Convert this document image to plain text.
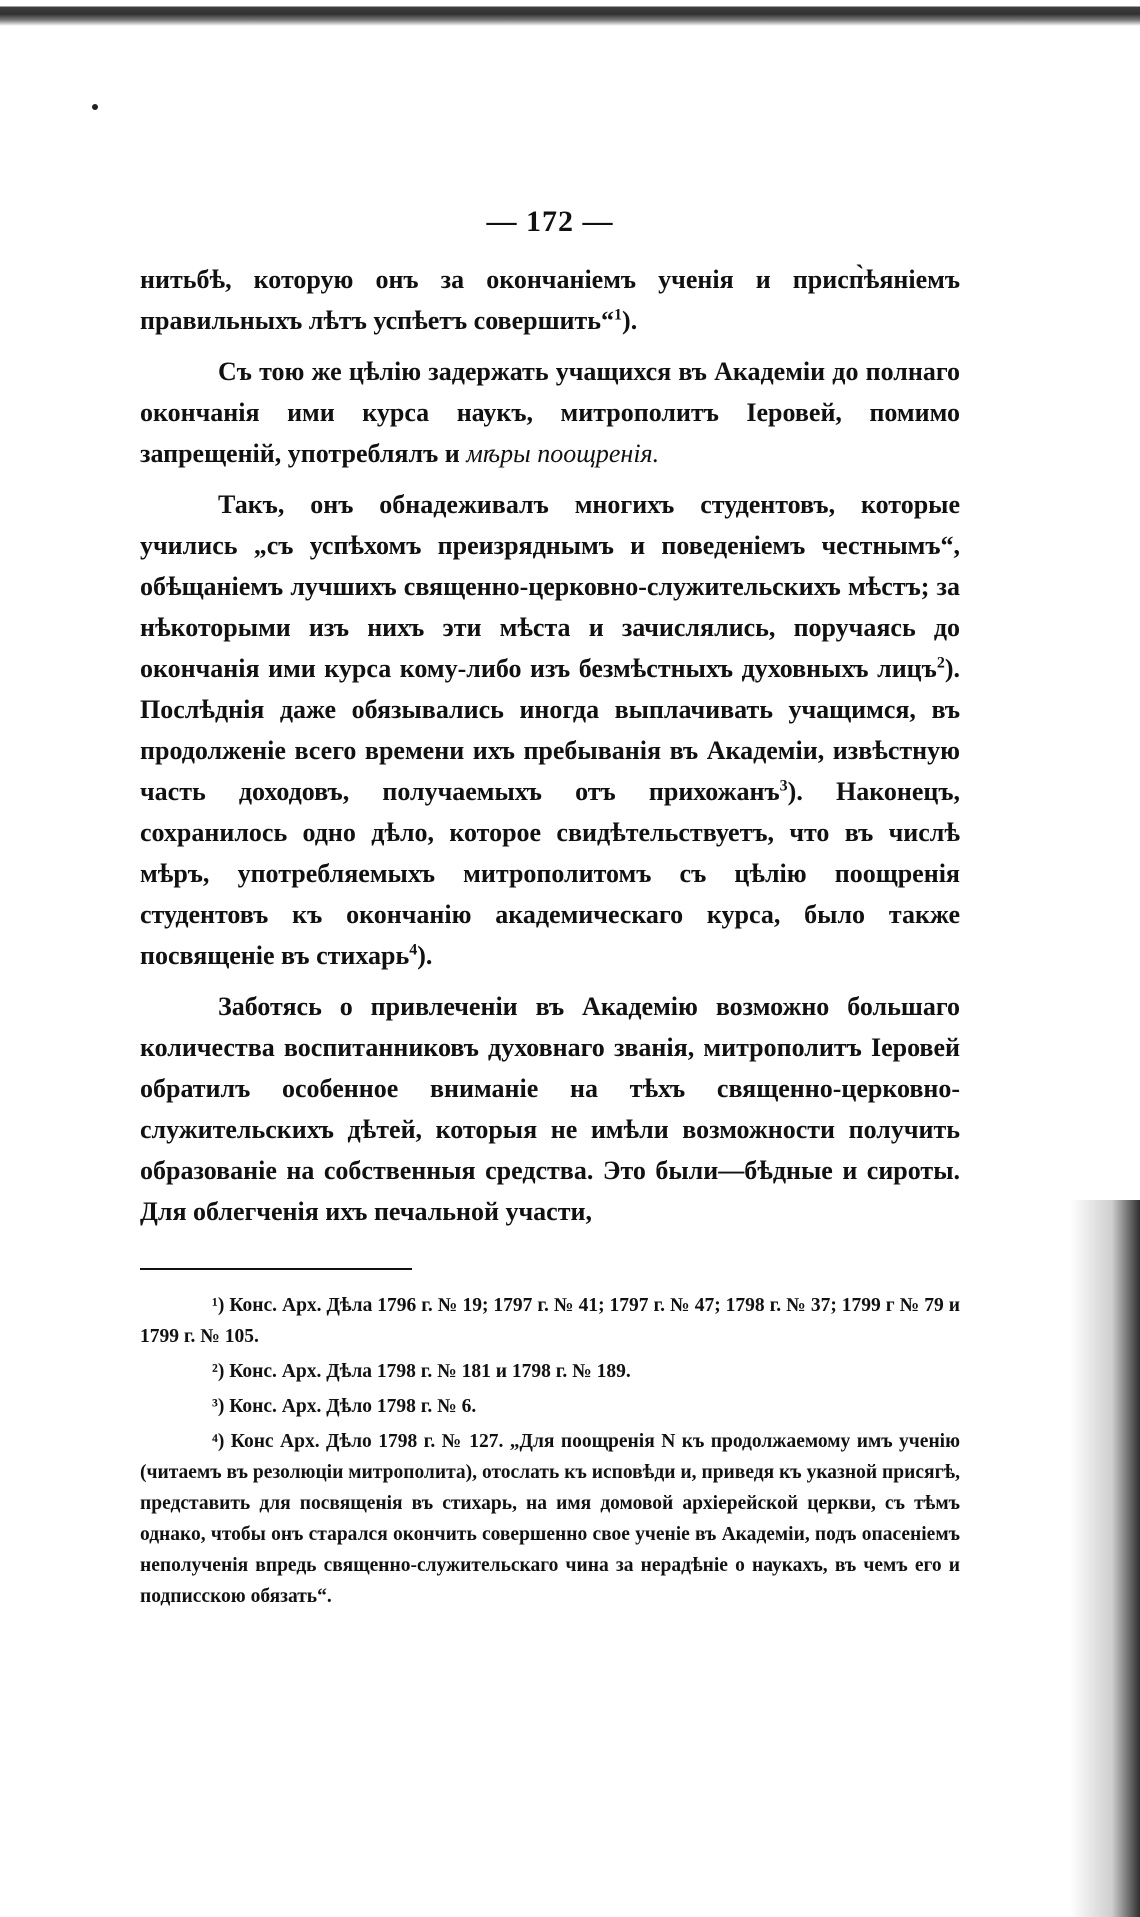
— 172 —

нитьбѣ, которую онъ за окончаніемъ ученія и присп̀ѣяніемъ правильныхъ лѣтъ успѣетъ совершить“$^1$).

Съ тою же цѣлію задержать учащихся въ Академіи до полнаго окончанія ими курса наукъ, митрополитъ Іеровей, помимо запрещеній, употреблялъ и мѣры поощренія.

Такъ, онъ обнадеживалъ многихъ студентовъ, которые учились „съ успѣхомъ преизряднымъ и поведеніемъ честнымъ“, обѣщаніемъ лучшихъ священно-церковно-служительскихъ мѣстъ; за нѣкоторыми изъ нихъ эти мѣста и зачислялись, поручаясь до окончанія ими курса кому-либо изъ безмѣстныхъ духовныхъ лицъ$^2$). Послѣднія даже обязывались иногда выплачивать учащимся, въ продолженіе всего времени ихъ пребыванія въ Академіи, извѣстную часть доходовъ, получаемыхъ отъ прихожанъ$^3$). Наконецъ, сохранилось одно дѣло, которое свидѣтельствуетъ, что въ числѣ мѣръ, употребляемыхъ митрополитомъ съ цѣлію поощренія студентовъ къ окончанію академическаго курса, было также посвященіе въ стихарь$^4$).

Заботясь о привлеченіи въ Академію возможно большаго количества воспитанниковъ духовнаго званія, митрополитъ Іеровей обратилъ особенное вниманіе на тѣхъ священно-церковно-служительскихъ дѣтей, которыя не имѣли возможности получить образованіе на собственныя средства. Это были—бѣдные и сироты. Для облегченія ихъ печальной участи,

¹) Конс. Арх. Дѣла 1796 г. № 19; 1797 г. № 41; 1797 г. № 47; 1798 г. № 37; 1799 г № 79 и 1799 г. № 105.

²) Конс. Арх. Дѣла 1798 г. № 181 и 1798 г. № 189.

³) Конс. Арх. Дѣло 1798 г. № 6.

⁴) Конс Арх. Дѣло 1798 г. № 127. „Для поощренія N къ продолжаемому имъ ученію (читаемъ въ резолюціи митрополита), отослать къ исповѣди и, приведя къ указной присягѣ, представить для посвященія въ стихарь, на имя домовой архіерейской церкви, съ тѣмъ однако, чтобы онъ старался окончить совершенно свое ученіе въ Академіи, подъ опасеніемъ неполученія впредь священно-служительскаго чина за нерадѣніе о наукахъ, въ чемъ его и подписскою обязать“.
